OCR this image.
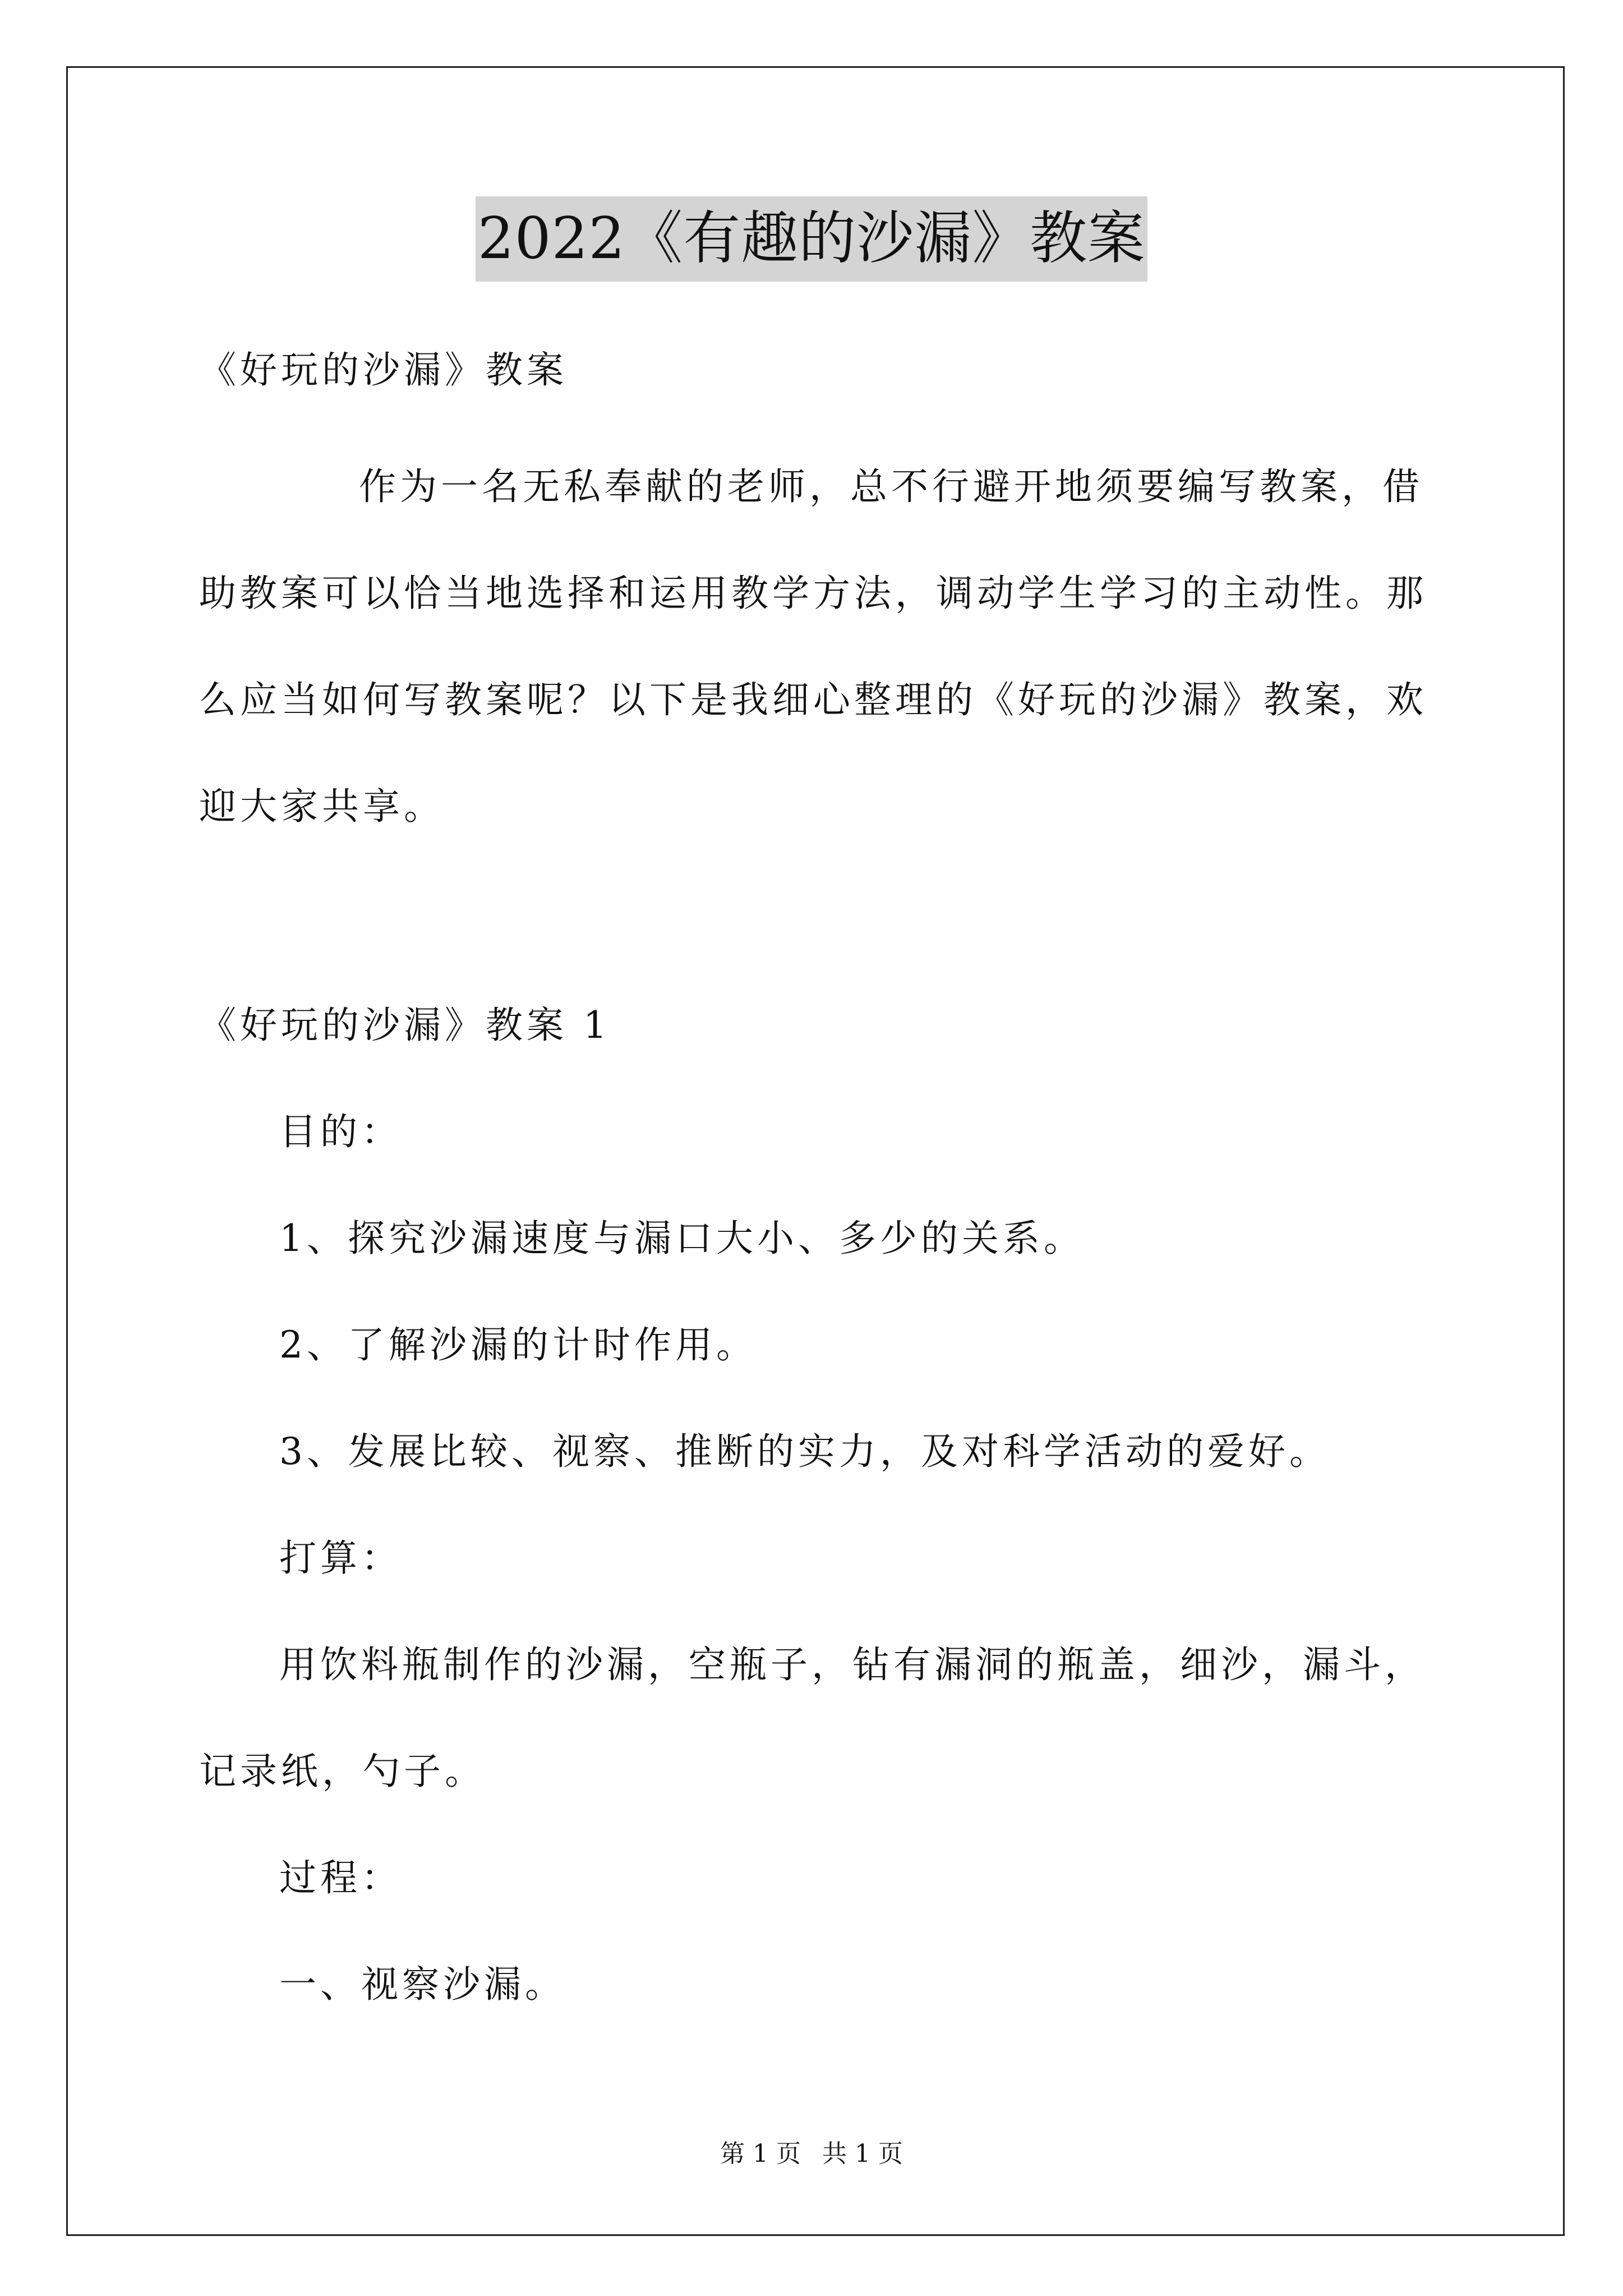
2022《有趣的沙漏》教案
《好玩的沙漏》教案
作为一名无私奉献的老师，总不行避开地须要编写教案，借
助教案可以恰当地选择和运用教学方法，调动学生学习的主动性。那
么应当如何写教案呢？以下是我细心整理的《好玩的沙漏》教案，欢
迎大家共享。
《好玩的沙漏》教案 1
目的：
1、探究沙漏速度与漏口大小、多少的关系。
2、了解沙漏的计时作用。
3、发展比较、视察、推断的实力，及对科学活动的爱好。
打算：
用饮料瓶制作的沙漏，空瓶子，钻有漏洞的瓶盖，细沙，漏斗，
记录纸，勺子。
过程：
一、视察沙漏。
第 1 页 共 1 页
